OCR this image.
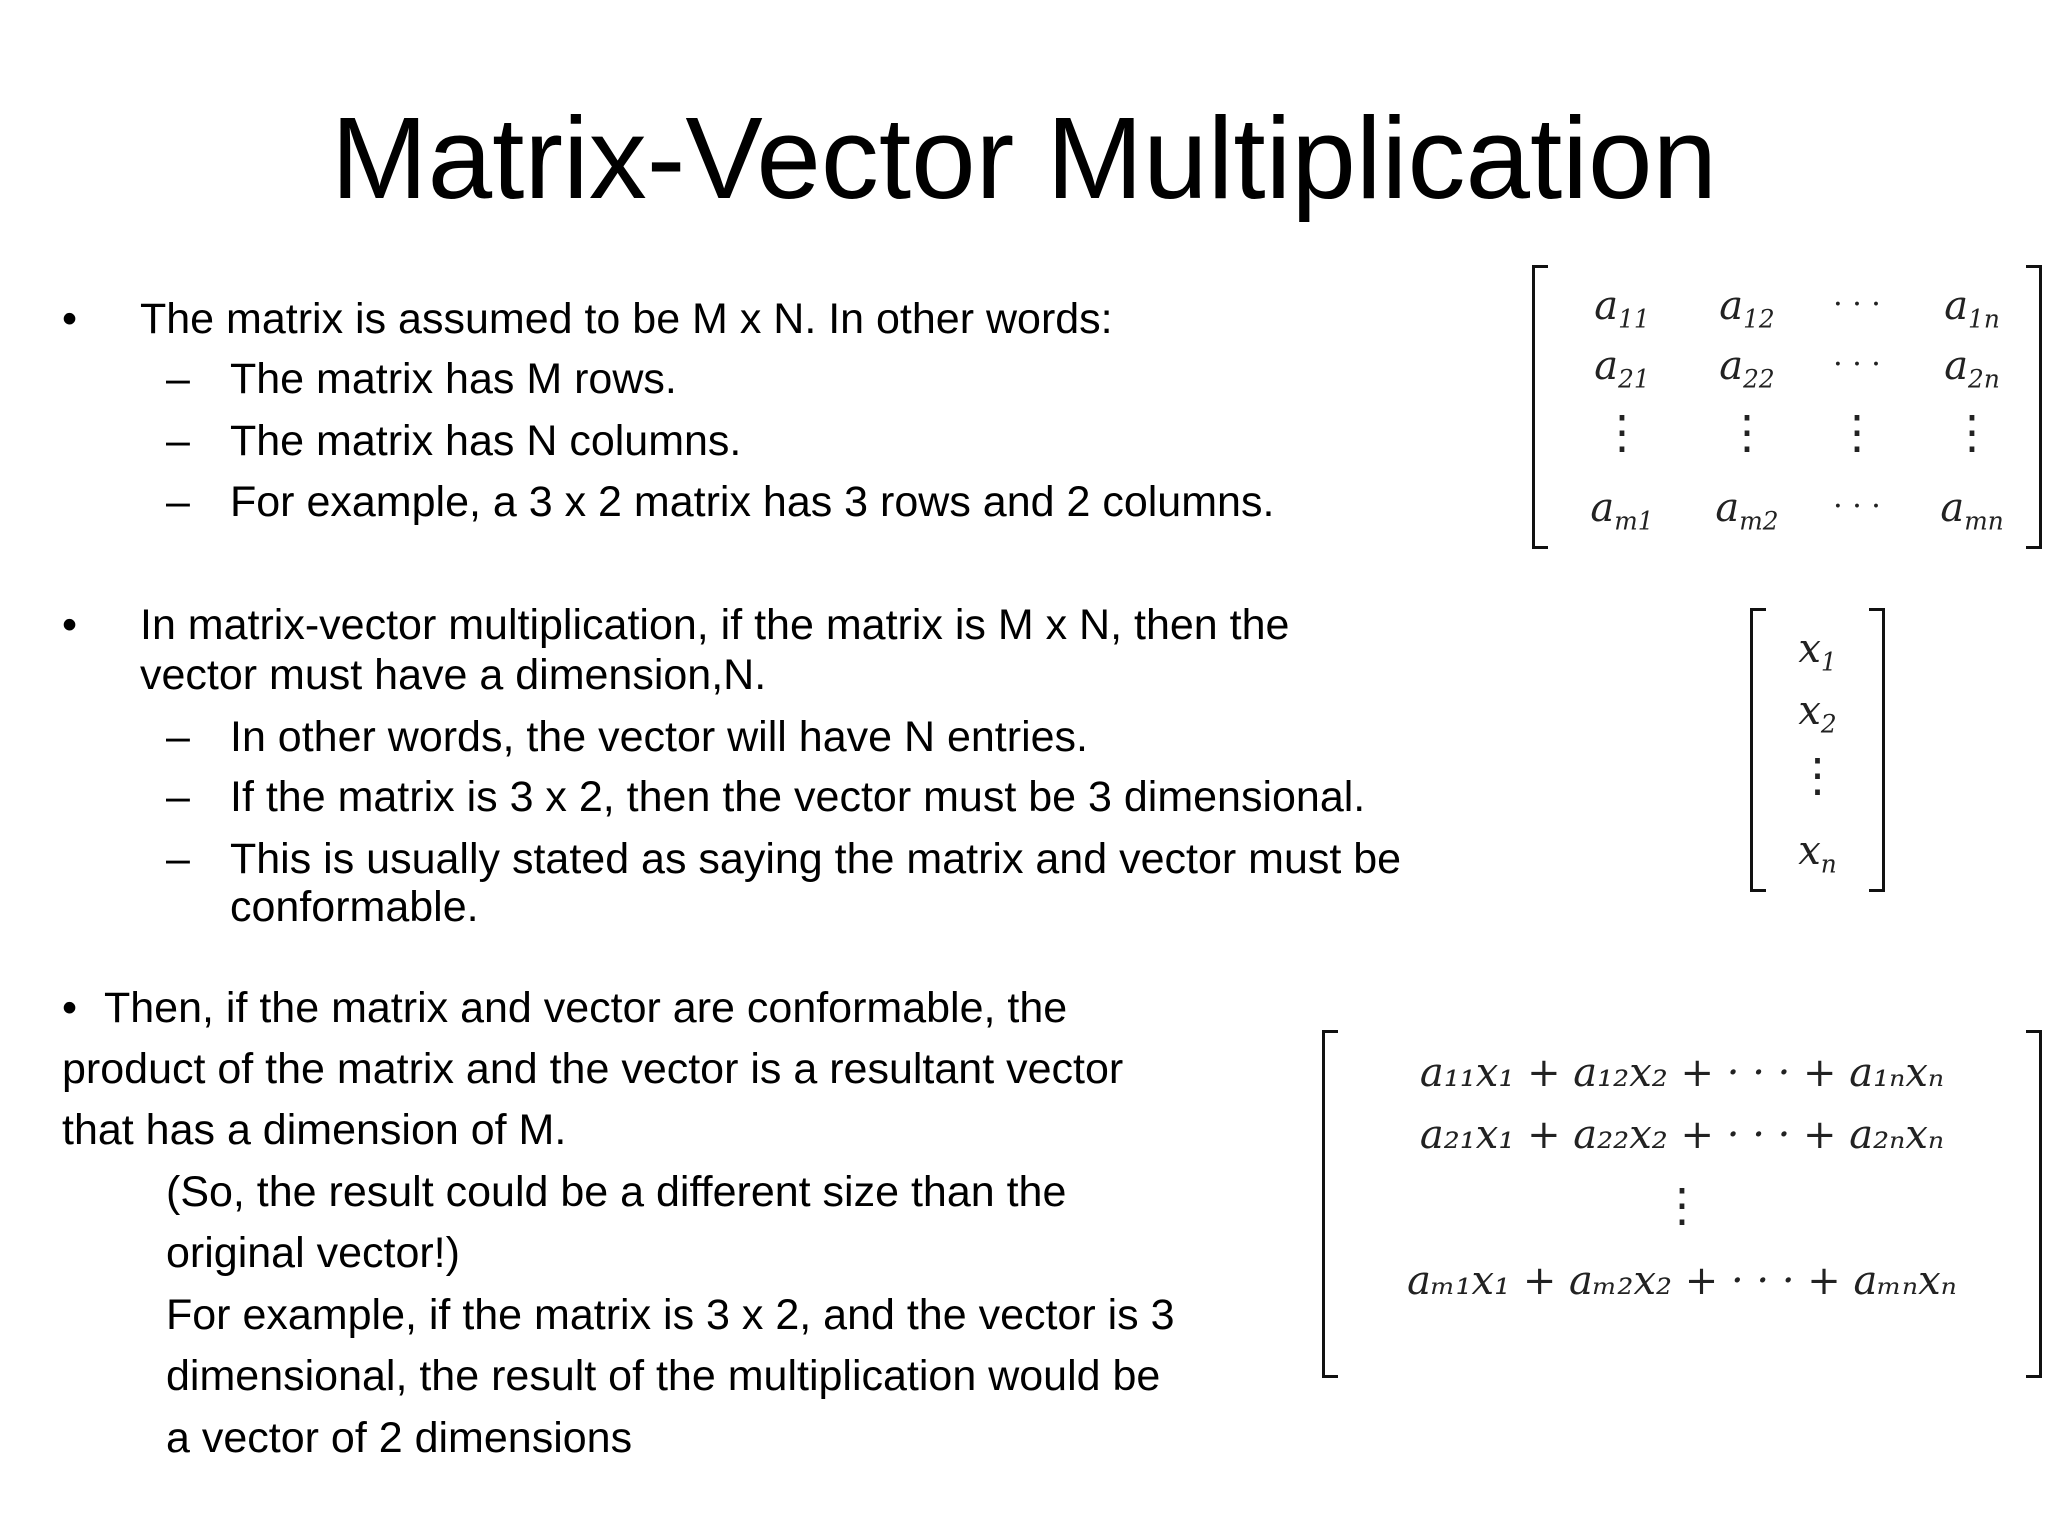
Matrix-Vector Multiplication
• The matrix is assumed to be M x N. In other words:
– The matrix has M rows.
– The matrix has N columns.
– For example, a 3 x 2 matrix has 3 rows and 2 columns.
• In matrix-vector multiplication, if the matrix is M x N, then the
vector must have a dimension,N.
– In other words, the vector will have N entries.
– If the matrix is 3 x 2, then the vector must be 3 dimensional.
– This is usually stated as saying the matrix and vector must be
conformable.
• Then, if the matrix and vector are conformable, the
product of the matrix and the vector is a resultant vector
that has a dimension of M.
(So, the result could be a different size than the
original vector!)
For example, if the matrix is 3 x 2, and the vector is 3
dimensional, the result of the multiplication would be
a vector of 2 dimensions
$a_{11}$	$a_{12}$	· · ·	$a_{1n}$
$a_{21}$	$a_{22}$	· · ·	$a_{2n}$
⋮	⋮	⋮	⋮
$a_{m1}$	$a_{m2}$	· · ·	$a_{mn}$
$x_1$
$x_2$
⋮
$x_n$
a₁₁x₁ + a₁₂x₂ + · · · + a₁ₙxₙ
a₂₁x₁ + a₂₂x₂ + · · · + a₂ₙxₙ
⋮
aₘ₁x₁ + aₘ₂x₂ + · · · + aₘₙxₙ
